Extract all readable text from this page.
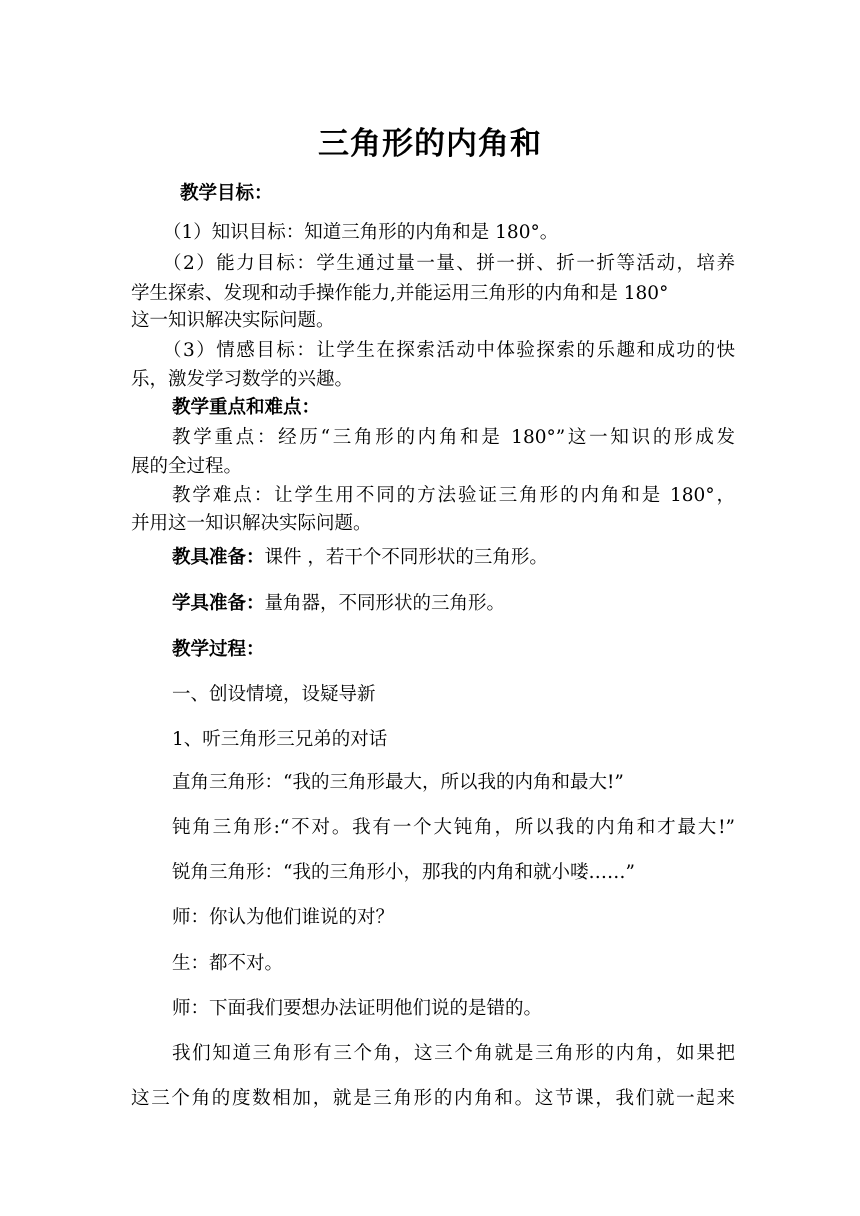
三角形的内角和
教学目标：
（1）知识目标：知道三角形的内角和是 180°。
（2）能力目标：学生通过量一量、拼一拼、折一折等活动，培养
学生探索、发现和动手操作能力,并能运用三角形的内角和是 180°
这一知识解决实际问题。
（3）情感目标：让学生在探索活动中体验探索的乐趣和成功的快
乐，激发学习数学的兴趣。
教学重点和难点：
教学重点：经历“三角形的内角和是 180°”这一知识的形成发
展的全过程。
教学难点：让学生用不同的方法验证三角形的内角和是 180°，
并用这一知识解决实际问题。
教具准备：课件 ，若干个不同形状的三角形。
学具准备：量角器，不同形状的三角形。
教学过程：
一、创设情境，设疑导新
1、听三角形三兄弟的对话
直角三角形：“我的三角形最大，所以我的内角和最大!”
钝角三角形:“不对。我有一个大钝角，所以我的内角和才最大!”
锐角三角形：“我的三角形小，那我的内角和就小喽……”
师：你认为他们谁说的对？
生：都不对。
师：下面我们要想办法证明他们说的是错的。
我们知道三角形有三个角，这三个角就是三角形的内角，如果把
这三个角的度数相加，就是三角形的内角和。这节课，我们就一起来
